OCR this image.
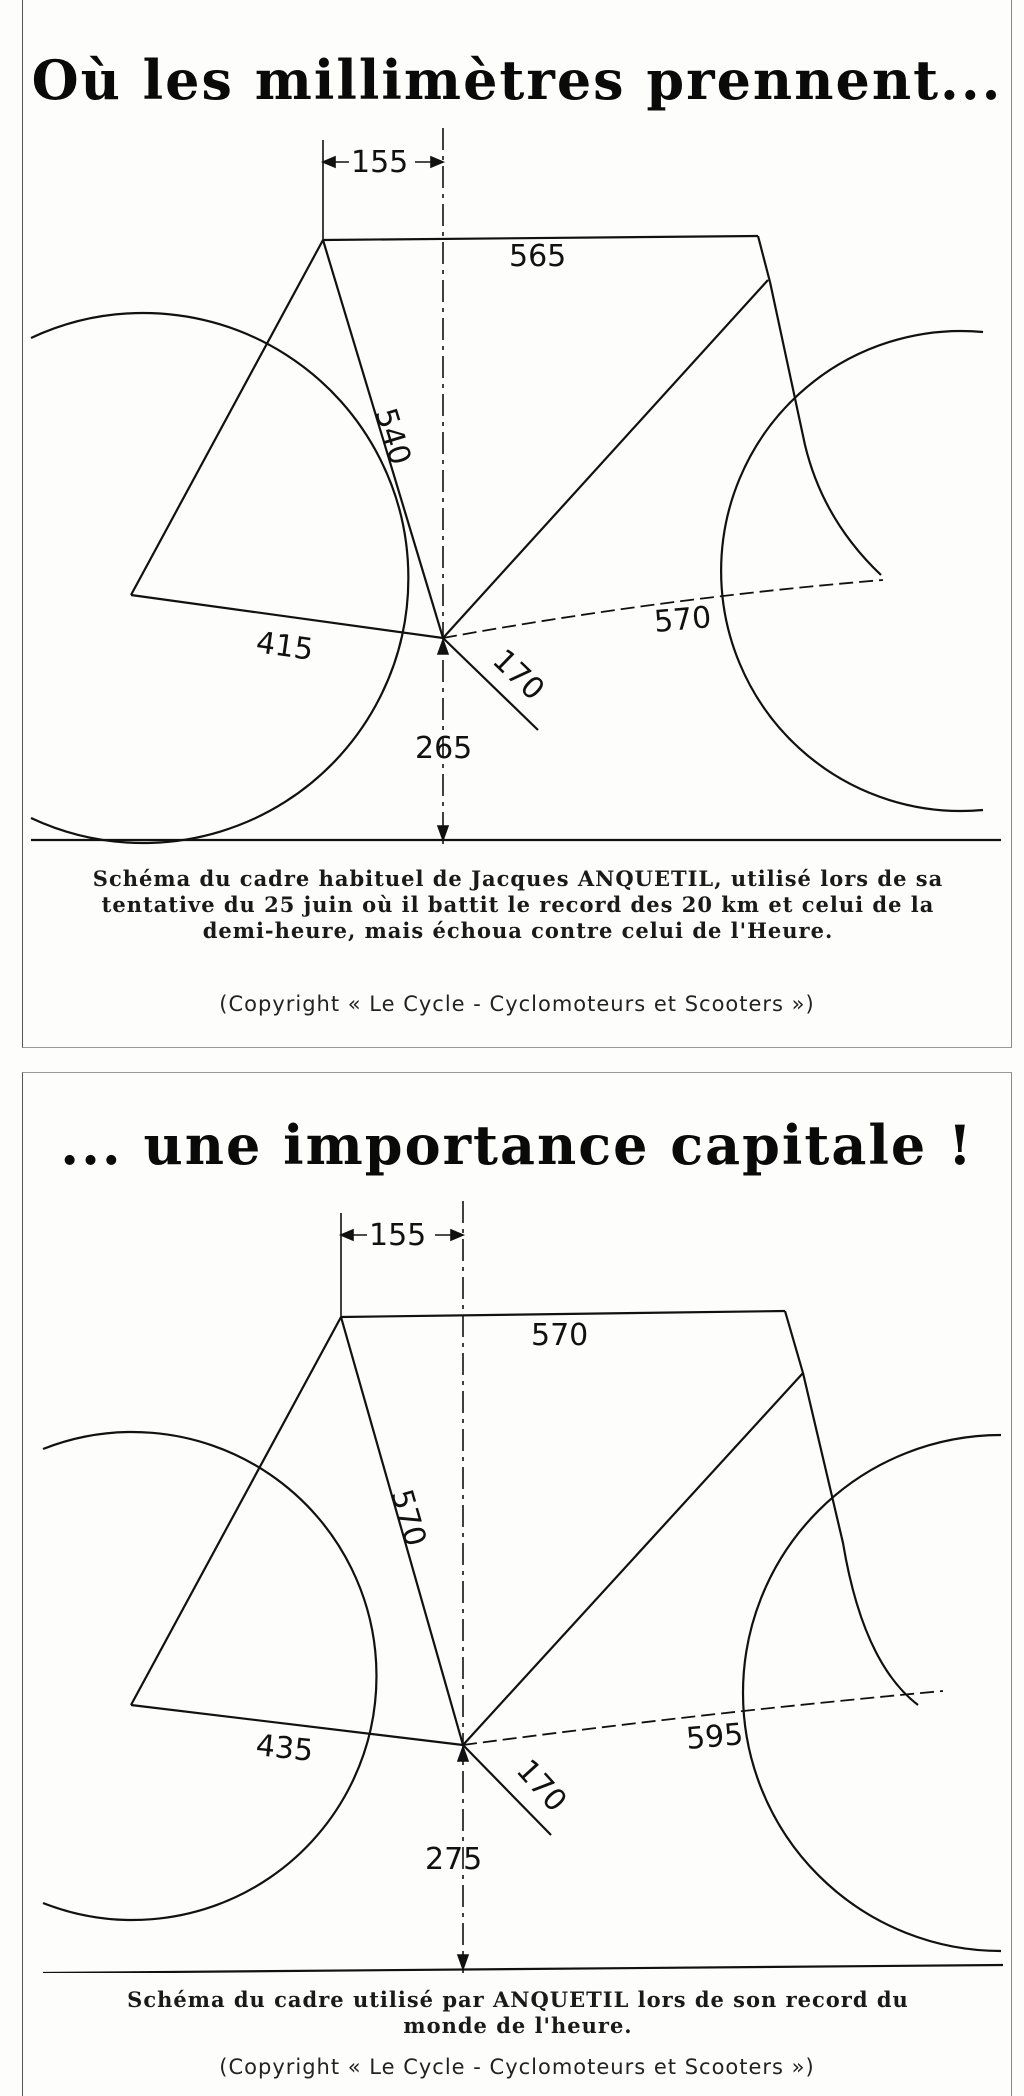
Où les millimètres prennent...
155
565
540
415
570
170
265
Schéma du cadre habituel de Jacques ANQUETIL, utilisé lors de sa tentative du 25 juin où il battit le record des 20 km et celui de la demi-heure, mais échoua contre celui de l'Heure.
(Copyright « Le Cycle - Cyclomoteurs et Scooters »)
... une importance capitale !
155
570
570
435	595
170
275
Schéma du cadre utilisé par ANQUETIL lors de son record du monde de l'heure.
(Copyright « Le Cycle - Cyclomoteurs et Scooters »)
